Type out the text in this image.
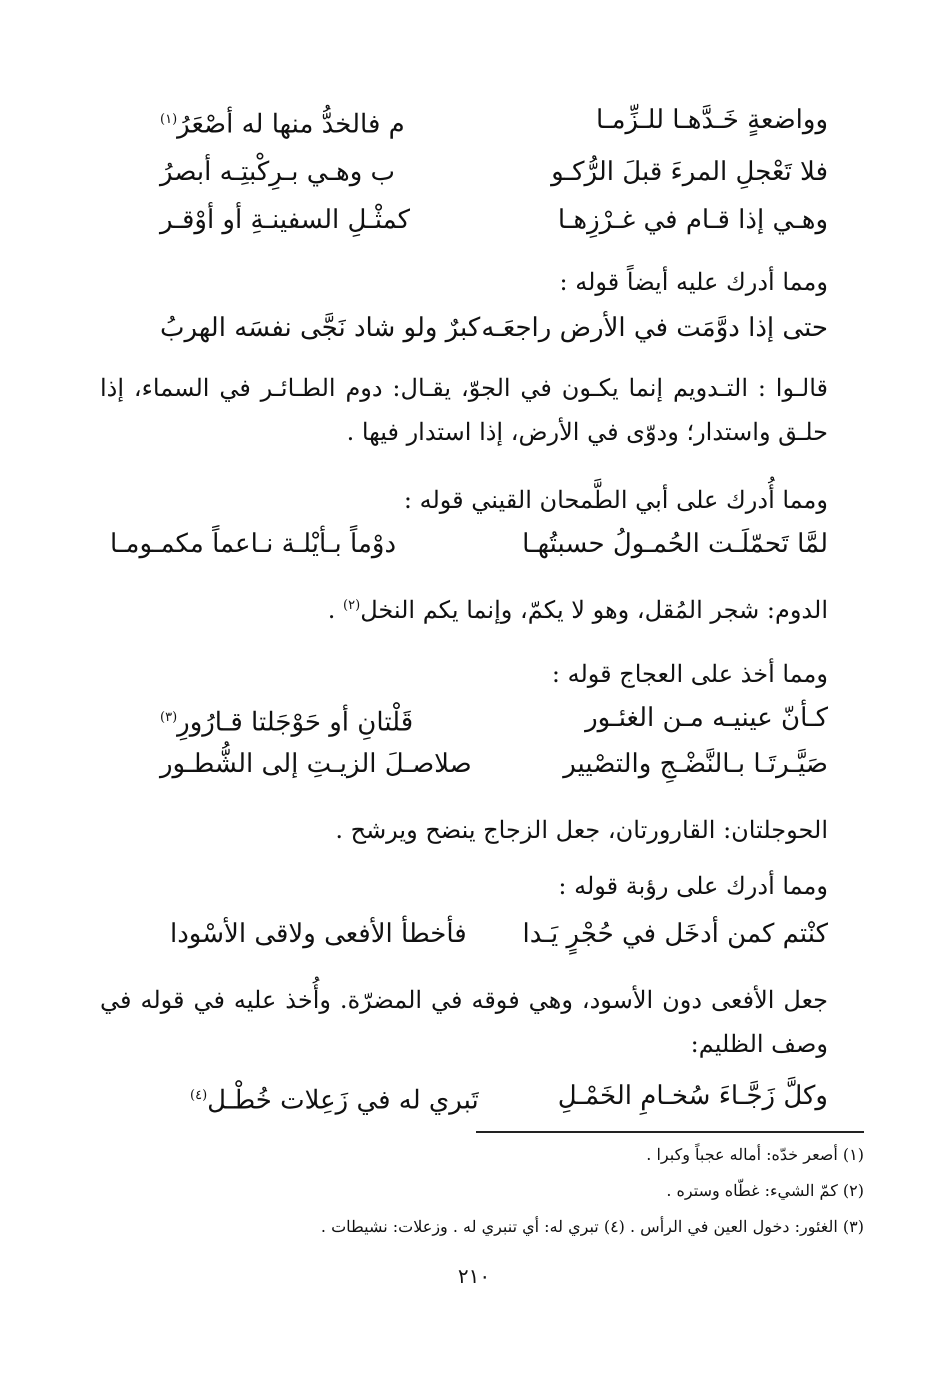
وواضعةٍ خَـدَّهـا للـزِّمـا
م فالخدُّ منها له أصْعَرُ$^{(١)}$
فلا تَعْجلِ المرءَ قبلَ الرُّكـو
ب وهـي بـرِكْبتِـه أبصرُ
وهـي إذا قـام في غـرْزِهـا
كمثْـلِ السفينـةِ أو أوْقـر
ومما أدرك عليه أيضاً قوله :
حتى إذا دوَّمَت في الأرض راجعَـه
كبرٌ ولو شاد نَجَّى نفسَه الهربُ
قالـوا : التـدويم إنما يكـون في الجوّ، يقـال: دوم الطـائـر في السماء، إذا حلـق واستدار؛ ودوّى في الأرض، إذا استدار فيها .
ومما أُدرك على أبي الطَّمحان القيني قوله :
لمَّا تَحمّلَـت الحُمـولُ حسبتُهـا
دوْماً بـأيْلـة نـاعماً مكمـومـا
الدوم: شجر المُقل، وهو لا يكمّ، وإنما يكم النخل$^{(٢)}$ .
ومما أخذ على العجاج قوله :
كـأنّ عينيـه مـن الغئـور
قَلْتانِ أو حَوْجَلتا قـارُورِ$^{(٣)}$
صَيَّـرتَـا بـالنَّضْـجِ والتصْيير
صلاصـلَ الزيـتِ إلى الشُّطـور
الحوجلتان: القارورتان، جعل الزجاج ينضح ويرشح .
ومما أدرك على رؤبة قوله :
كنْتم كمن أدخَل في حُجْرٍ يَـدا
فأخطأ الأفعى ولاقى الأسْودا
جعل الأفعى دون الأسود، وهي فوقه في المضرّة. وأُخذ عليه في قوله في وصف الظليم:
وكلَّ زَجَّـاءَ سُخـامِ الخَمْـلِ
تَبري له في زَعِلات خُطْـل$^{(٤)}$
(١) أصعر خدّه: أماله عجباً وكبرا .
(٢) كمّ الشيء: غطّاه وستره .
(٣) الغئور: دخول العين في الرأس . (٤) تبري له: أي تنبري له . وزعلات: نشيطات .
٢١٠
